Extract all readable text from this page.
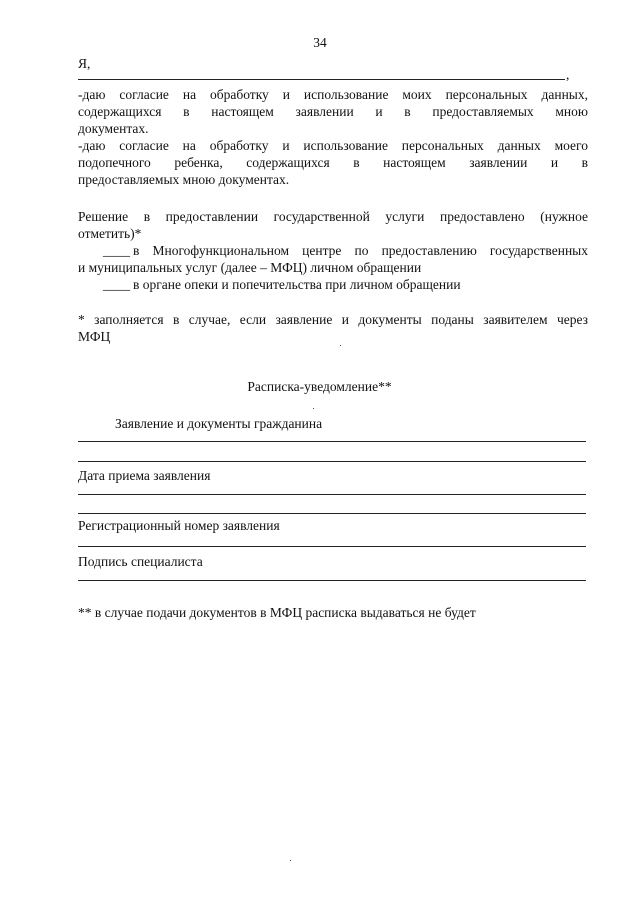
34
Я,
,
-даю согласие на обработку и использование моих персональных данных,
содержащихся в настоящем заявлении и в предоставляемых мною
документах.
-даю согласие на обработку и использование персональных данных моего
подопечного ребенка, содержащихся в настоящем заявлении и в
предоставляемых мною документах.
Решение в предоставлении государственной услуги предоставлено (нужное
отметить)*
____ в Многофункциональном центре по предоставлению государственных
и муниципальных услуг (далее – МФЦ) личном обращении
____ в органе опеки и попечительства при личном обращении
* заполняется в случае, если заявление и документы поданы заявителем через
МФЦ
Расписка-уведомление**
Заявление и документы гражданина
Дата приема заявления
Регистрационный номер заявления
Подпись специалиста
** в случае подачи документов в МФЦ расписка выдаваться не будет
